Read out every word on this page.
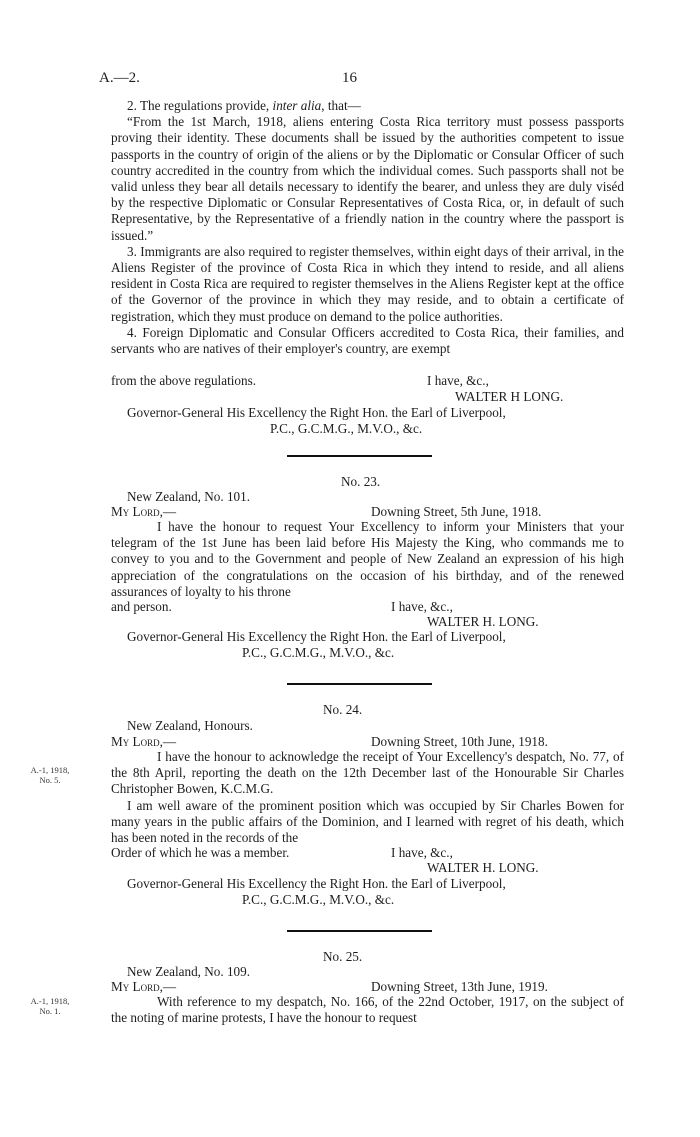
A.—2.	16

2. The regulations provide, inter alia, that—

“From the 1st March, 1918, aliens entering Costa Rica territory must possess passports proving their identity. These documents shall be issued by the authorities competent to issue passports in the country of origin of the aliens or by the Diplomatic or Consular Officer of such country accredited in the country from which the individual comes. Such passports shall not be valid unless they bear all details necessary to identify the bearer, and unless they are duly viséd by the respective Diplomatic or Consular Representatives of Costa Rica, or, in default of such Representative, by the Representative of a friendly nation in the country where the passport is issued.”

3. Immigrants are also required to register themselves, within eight days of their arrival, in the Aliens Register of the province of Costa Rica in which they intend to reside, and all aliens resident in Costa Rica are required to register themselves in the Aliens Register kept at the office of the Governor of the province in which they may reside, and to obtain a certificate of registration, which they must produce on demand to the police authorities.

4. Foreign Diplomatic and Consular Officers accredited to Costa Rica, their families, and servants who are natives of their employer's country, are exempt

from the above regulations.	I have, &c.,
WALTER H LONG.
Governor-General His Excellency the Right Hon. the Earl of Liverpool,
P.C., G.C.M.G., M.V.O., &c.
No. 23.
New Zealand, No. 101.
My Lord,—	Downing Street, 5th June, 1918.

I have the honour to request Your Excellency to inform your Ministers that your telegram of the 1st June has been laid before His Majesty the King, who commands me to convey to you and to the Government and people of New Zealand an expression of his high appreciation of the congratulations on the occasion of his birthday, and of the renewed assurances of loyalty to his throne

and person.	I have, &c.,
WALTER H. LONG.
Governor-General His Excellency the Right Hon. the Earl of Liverpool,
P.C., G.C.M.G., M.V.O., &c.
No. 24.
New Zealand, Honours.
My Lord,—	Downing Street, 10th June, 1918.
A.-1, 1918,
No. 5.

I have the honour to acknowledge the receipt of Your Excellency's despatch, No. 77, of the 8th April, reporting the death on the 12th December last of the Honourable Sir Charles Christopher Bowen, K.C.M.G.

I am well aware of the prominent position which was occupied by Sir Charles Bowen for many years in the public affairs of the Dominion, and I learned with regret of his death, which has been noted in the records of the

Order of which he was a member.	I have, &c.,
WALTER H. LONG.
Governor-General His Excellency the Right Hon. the Earl of Liverpool,
P.C., G.C.M.G., M.V.O., &c.
No. 25.
New Zealand, No. 109.
My Lord,—	Downing Street, 13th June, 1919.
A.-1, 1918,
No. 1.

With reference to my despatch, No. 166, of the 22nd October, 1917, on the subject of the noting of marine protests, I have the honour to request
